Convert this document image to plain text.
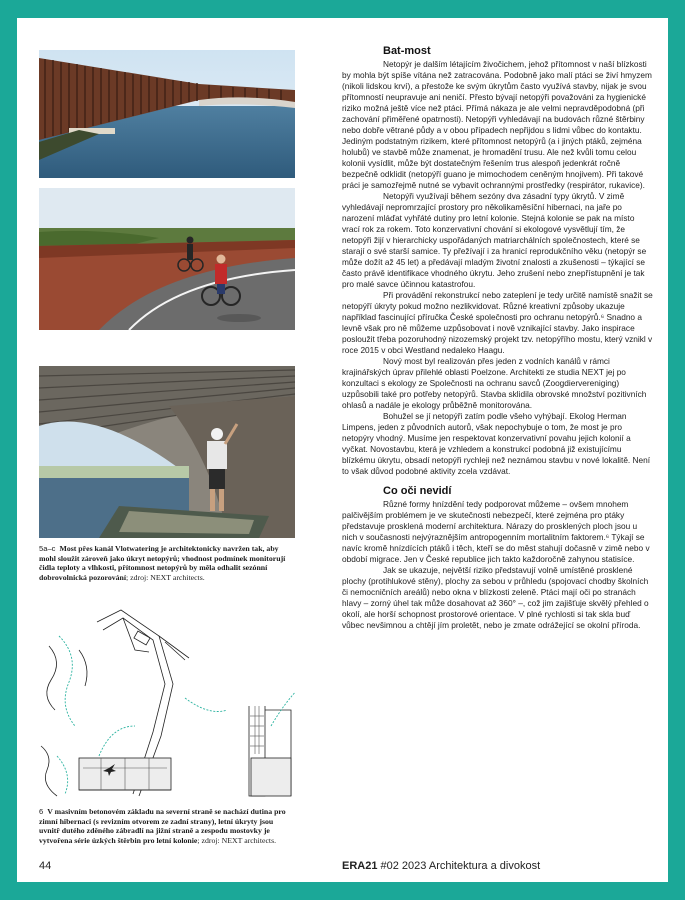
5a–c Most přes kanál Vlotwatering je architektonicky navržen tak, aby mohl sloužit zároveň jako úkryt netopýrů; vhodnost podmínek monitorují čidla teploty a vlhkosti, přítomnost netopýrů by měla odhalit sezónní dobrovolnická pozorování; zdroj: NEXT architects.
6 V masivním betonovém základu na severní straně se nachází dutina pro zimní hibernaci (s revizním otvorem ze zadní strany), letní úkryty jsou uvnitř dutého zděného zábradlí na jižní straně a zespodu mostovky je vytvořena série úzkých štěrbin pro letní kolonie; zdroj: NEXT architects.
Bat-most

Netopýr je dalším létajícím živočichem, jehož přítomnost v naší blízkosti by mohla být spíše vítána než zatracována. Podobně jako malí ptáci se živí hmyzem (nikoli lidskou krví), a přestože ke svým úkrytům často využívá stavby, nijak je svou přítomností neupravuje ani neničí. Přesto bývají netopýři považováni za hygienické riziko možná ještě více než ptáci. Přímá nákaza je ale velmi nepravděpodobná (při zachování přiměřené opatrnosti). Netopýři vyhledávají na budovách různé štěrbiny nebo dobře větrané půdy a v obou případech nepřijdou s lidmi vůbec do kontaktu. Jediným podstatným rizikem, které přítomnost netopýrů (a i jiných ptáků, zejména holubů) ve stavbě může znamenat, je hromadění trusu. Ale než kvůli tomu celou kolonii vysídlit, může být dostatečným řešením trus alespoň jedenkrát ročně bezpečně odklidit (netopýří guano je mimochodem ceněným hnojivem). Při takové práci je samozřejmě nutné se vybavit ochrannými prostředky (respirátor, rukavice).

Netopýři využívají během sezóny dva zásadní typy úkrytů. V zimě vyhledávají nepromrzající prostory pro několikaměsíční hibernaci, na jaře po narození mláďat vyhřáté dutiny pro letní kolonie. Stejná kolonie se pak na místo vrací rok za rokem. Toto konzervativní chování si ekologové vysvětlují tím, že netopýři žijí v hierarchicky uspořádaných matriarchálních společnostech, které se starají o své starší samice. Ty přežívají i za hranicí reprodukčního věku (netopýr se může dožít až 45 let) a předávají mladým životní znalosti a zkušenosti – týkající se často právě identifikace vhodného úkrytu. Jeho zrušení nebo znepřístupnění je tak pro malé savce účinnou katastrofou.

Při provádění rekonstrukcí nebo zateplení je tedy určitě namístě snažit se netopýří úkryty pokud možno nezlikvidovat. Různé kreativní způsoby ukazuje například fascinující příručka České společnosti pro ochranu netopýrů.⁶ Snadno a levně však pro ně můžeme uzpůsobovat i nově vznikající stavby. Jako inspirace posloužit třeba pozoruhodný nizozemský projekt tzv. netopýřího mostu, který vznikl v roce 2015 v obci Westland nedaleko Haagu.

Nový most byl realizován přes jeden z vodních kanálů v rámci krajinářských úprav přilehlé oblasti Poelzone. Architekti ze studia NEXT jej po konzultaci s ekology ze Společnosti na ochranu savců (Zoogdiervereniging) uzpůsobili také pro potřeby netopýrů. Stavba sklidila obrovské množství pozitivních ohlasů a nadále je ekology průběžně monitorována.

Bohužel se jí netopýři zatím podle všeho vyhýbají. Ekolog Herman Limpens, jeden z původních autorů, však nepochybuje o tom, že most je pro netopýry vhodný. Musíme jen respektovat konzervativní povahu jejich kolonií a vyčkat. Novostavbu, která je vzhledem a konstrukcí podobná již existujícímu blízkému úkrytu, obsadí netopýři rychleji než neznámou stavbu v nové lokalitě. Není to však důvod podobné aktivity zcela vzdávat.

Co oči nevidí

Různé formy hnízdění tedy podporovat můžeme – ovšem mnohem palčivějším problémem je ve skutečnosti nebezpečí, které zejména pro ptáky představuje prosklená moderní architektura. Nárazy do prosklených ploch jsou u nich v současnosti nejvýraznějším antropogenním mortalitním faktorem.⁶ Týkají se navíc kromě hnízdících ptáků i těch, kteří se do měst stahují dočasně v zimě nebo v období migrace. Jen v České republice jich takto každoročně zahynou statisíce.

Jak se ukazuje, největší riziko představují volně umístěné prosklené plochy (protihlukové stěny), plochy za sebou v průhledu (spojovací chodby školních či nemocničních areálů) nebo okna v blízkosti zeleně. Ptáci mají oči po stranách hlavy – zorný úhel tak může dosahovat až 360° –, což jim zajišťuje skvělý přehled o okolí, ale horší schopnost prostorové orientace. V plné rychlosti si tak skla buď vůbec nevšimnou a chtějí jím proletět, nebo je zmate odrážející se okolní příroda.

44	ERA21 #02 2023 Architektura a divokost
